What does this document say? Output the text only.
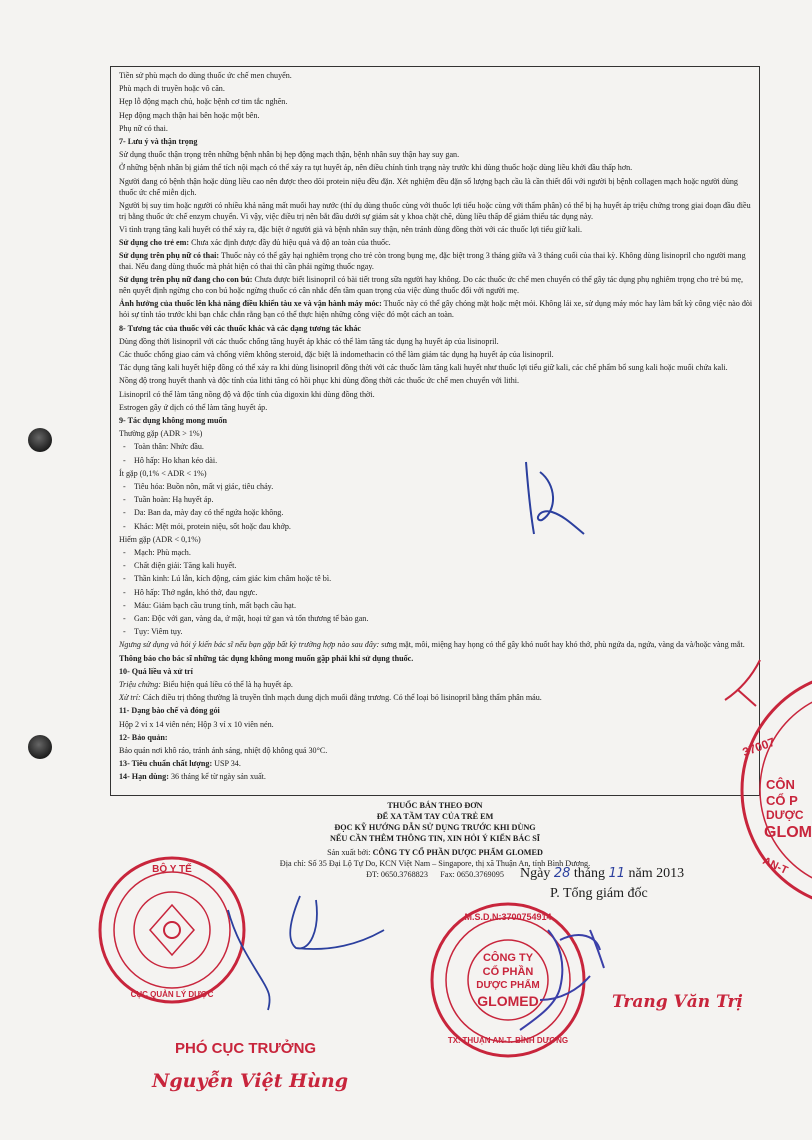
Tiền sử phù mạch do dùng thuốc ức chế men chuyển.

Phù mạch di truyền hoặc vô căn.

Hẹp lỗ động mạch chủ, hoặc bệnh cơ tim tắc nghẽn.

Hẹp động mạch thận hai bên hoặc một bên.

Phụ nữ có thai.

7- Lưu ý và thận trọng

Sử dụng thuốc thận trọng trên những bệnh nhân bị hẹp động mạch thận, bệnh nhân suy thận hay suy gan.

Ở những bệnh nhân bị giảm thể tích nội mạch có thể xảy ra tụt huyết áp, nên điều chỉnh tình trạng này trước khi dùng thuốc hoặc dùng liều khởi đầu thấp hơn.

Người đang có bệnh thận hoặc dùng liều cao nên được theo dõi protein niệu đều đặn. Xét nghiệm đều đặn số lượng bạch cầu là cần thiết đối với người bị bệnh collagen mạch hoặc người dùng thuốc ức chế miễn dịch.

Người bị suy tim hoặc người có nhiều khả năng mất muối hay nước (thí dụ dùng thuốc cùng với thuốc lợi tiểu hoặc cùng với thẩm phân) có thể bị hạ huyết áp triệu chứng trong giai đoạn đầu điều trị bằng thuốc ức chế enzym chuyển. Vì vậy, việc điều trị nên bắt đầu dưới sự giám sát y khoa chặt chẽ, dùng liều thấp để giảm thiểu tác dụng này.

Vì tình trạng tăng kali huyết có thể xảy ra, đặc biệt ở người già và bệnh nhân suy thận, nên tránh dùng đồng thời với các thuốc lợi tiểu giữ kali.

Sử dụng cho trẻ em: Chưa xác định được đầy đủ hiệu quả và độ an toàn của thuốc.

Sử dụng trên phụ nữ có thai: Thuốc này có thể gây hại nghiêm trọng cho trẻ còn trong bụng mẹ, đặc biệt trong 3 tháng giữa và 3 tháng cuối của thai kỳ. Không dùng lisinopril cho người mang thai. Nếu đang dùng thuốc mà phát hiện có thai thì cần phải ngừng thuốc ngay.

Sử dụng trên phụ nữ đang cho con bú: Chưa được biết lisinopril có bài tiết trong sữa người hay không. Do các thuốc ức chế men chuyển có thể gây tác dụng phụ nghiêm trọng cho trẻ bú mẹ, nên quyết định ngừng cho con bú hoặc ngừng thuốc có cân nhắc đến tầm quan trọng của việc dùng thuốc đối với người mẹ.

Ảnh hưởng của thuốc lên khả năng điều khiển tàu xe và vận hành máy móc: Thuốc này có thể gây chóng mặt hoặc mệt mỏi. Không lái xe, sử dụng máy móc hay làm bất kỳ công việc nào đòi hỏi sự tỉnh táo trước khi bạn chắc chắn rằng bạn có thể thực hiện những công việc đó một cách an toàn.

8- Tương tác của thuốc với các thuốc khác và các dạng tương tác khác

Dùng đồng thời lisinopril với các thuốc chống tăng huyết áp khác có thể làm tăng tác dụng hạ huyết áp của lisinopril.

Các thuốc chống giao cảm và chống viêm không steroid, đặc biệt là indomethacin có thể làm giảm tác dụng hạ huyết áp của lisinopril.

Tác dụng tăng kali huyết hiệp đồng có thể xảy ra khi dùng lisinopril đồng thời với các thuốc làm tăng kali huyết như thuốc lợi tiểu giữ kali, các chế phẩm bổ sung kali hoặc muối chứa kali.

Nồng độ trong huyết thanh và độc tính của lithi tăng có hồi phục khi dùng đồng thời các thuốc ức chế men chuyển với lithi.

Lisinopril có thể làm tăng nồng độ và độc tính của digoxin khi dùng đồng thời.

Estrogen gây ứ dịch có thể làm tăng huyết áp.

9- Tác dụng không mong muốn

Thường gặp (ADR > 1%)

- Toàn thân: Nhức đầu.

- Hô hấp: Ho khan kéo dài.

Ít gặp (0,1% < ADR < 1%)

- Tiêu hóa: Buồn nôn, mất vị giác, tiêu chảy.

- Tuần hoàn: Hạ huyết áp.

- Da: Ban da, mày đay có thể ngứa hoặc không.

- Khác: Mệt mỏi, protein niệu, sốt hoặc đau khớp.

Hiếm gặp (ADR < 0,1%)

- Mạch: Phù mạch.

- Chất điện giải: Tăng kali huyết.

- Thần kinh: Lú lẫn, kích động, cảm giác kim châm hoặc tê bì.

- Hô hấp: Thở ngắn, khó thở, đau ngực.

- Máu: Giảm bạch cầu trung tính, mất bạch cầu hạt.

- Gan: Độc với gan, vàng da, ứ mật, hoại tử gan và tổn thương tế bào gan.

- Tụy: Viêm tụy.

Ngưng sử dụng và hỏi ý kiến bác sĩ nếu bạn gặp bất kỳ trường hợp nào sau đây: sưng mặt, môi, miệng hay họng có thể gây khó nuốt hay khó thở, phù ngứa da, ngứa, vàng da và/hoặc vàng mắt.

Thông báo cho bác sĩ những tác dụng không mong muốn gặp phải khi sử dụng thuốc.

10- Quá liều và xử trí

Triệu chứng: Biểu hiện quá liều có thể là hạ huyết áp.

Xử trí: Cách điều trị thông thường là truyền tĩnh mạch dung dịch muối đẳng trương. Có thể loại bỏ lisinopril bằng thẩm phân máu.

11- Dạng bào chế và đóng gói

Hộp 2 vỉ x 14 viên nén; Hộp 3 vỉ x 10 viên nén.

12- Bảo quản:

Bảo quản nơi khô ráo, tránh ánh sáng, nhiệt độ không quá 30°C.

13- Tiêu chuẩn chất lượng: USP 34.

14- Hạn dùng: 36 tháng kể từ ngày sản xuất.

THUỐC BÁN THEO ĐƠN
ĐỂ XA TẦM TAY CỦA TRẺ EM
ĐỌC KỸ HƯỚNG DẪN SỬ DỤNG TRƯỚC KHI DÙNG
NẾU CẦN THÊM THÔNG TIN, XIN HỎI Ý KIẾN BÁC SĨ
Sản xuất bởi: CÔNG TY CỔ PHẦN DƯỢC PHẨM GLOMED
Địa chỉ: Số 35 Đại Lộ Tự Do, KCN Việt Nam – Singapore, thị xã Thuận An, tỉnh Bình Dương.
ĐT: 0650.3768823 Fax: 0650.3769095	Ngày 28 tháng 11 năm 2013
P. Tổng giám đốc
37007
CÔN
CỔ P
DƯỢC
GLOM
AN-T
CÔNG TY
CỔ PHẦN
DƯỢC PHẨM
GLOMED
M.S.D.N:3700754914
TX. THUẬN AN-T. BÌNH DƯƠNG
BỘ Y TẾ
CỤC QUẢN LÝ DƯỢC
PHÓ CỤC TRƯỞNG
Nguyễn Việt Hùng
Trang Văn Trị
